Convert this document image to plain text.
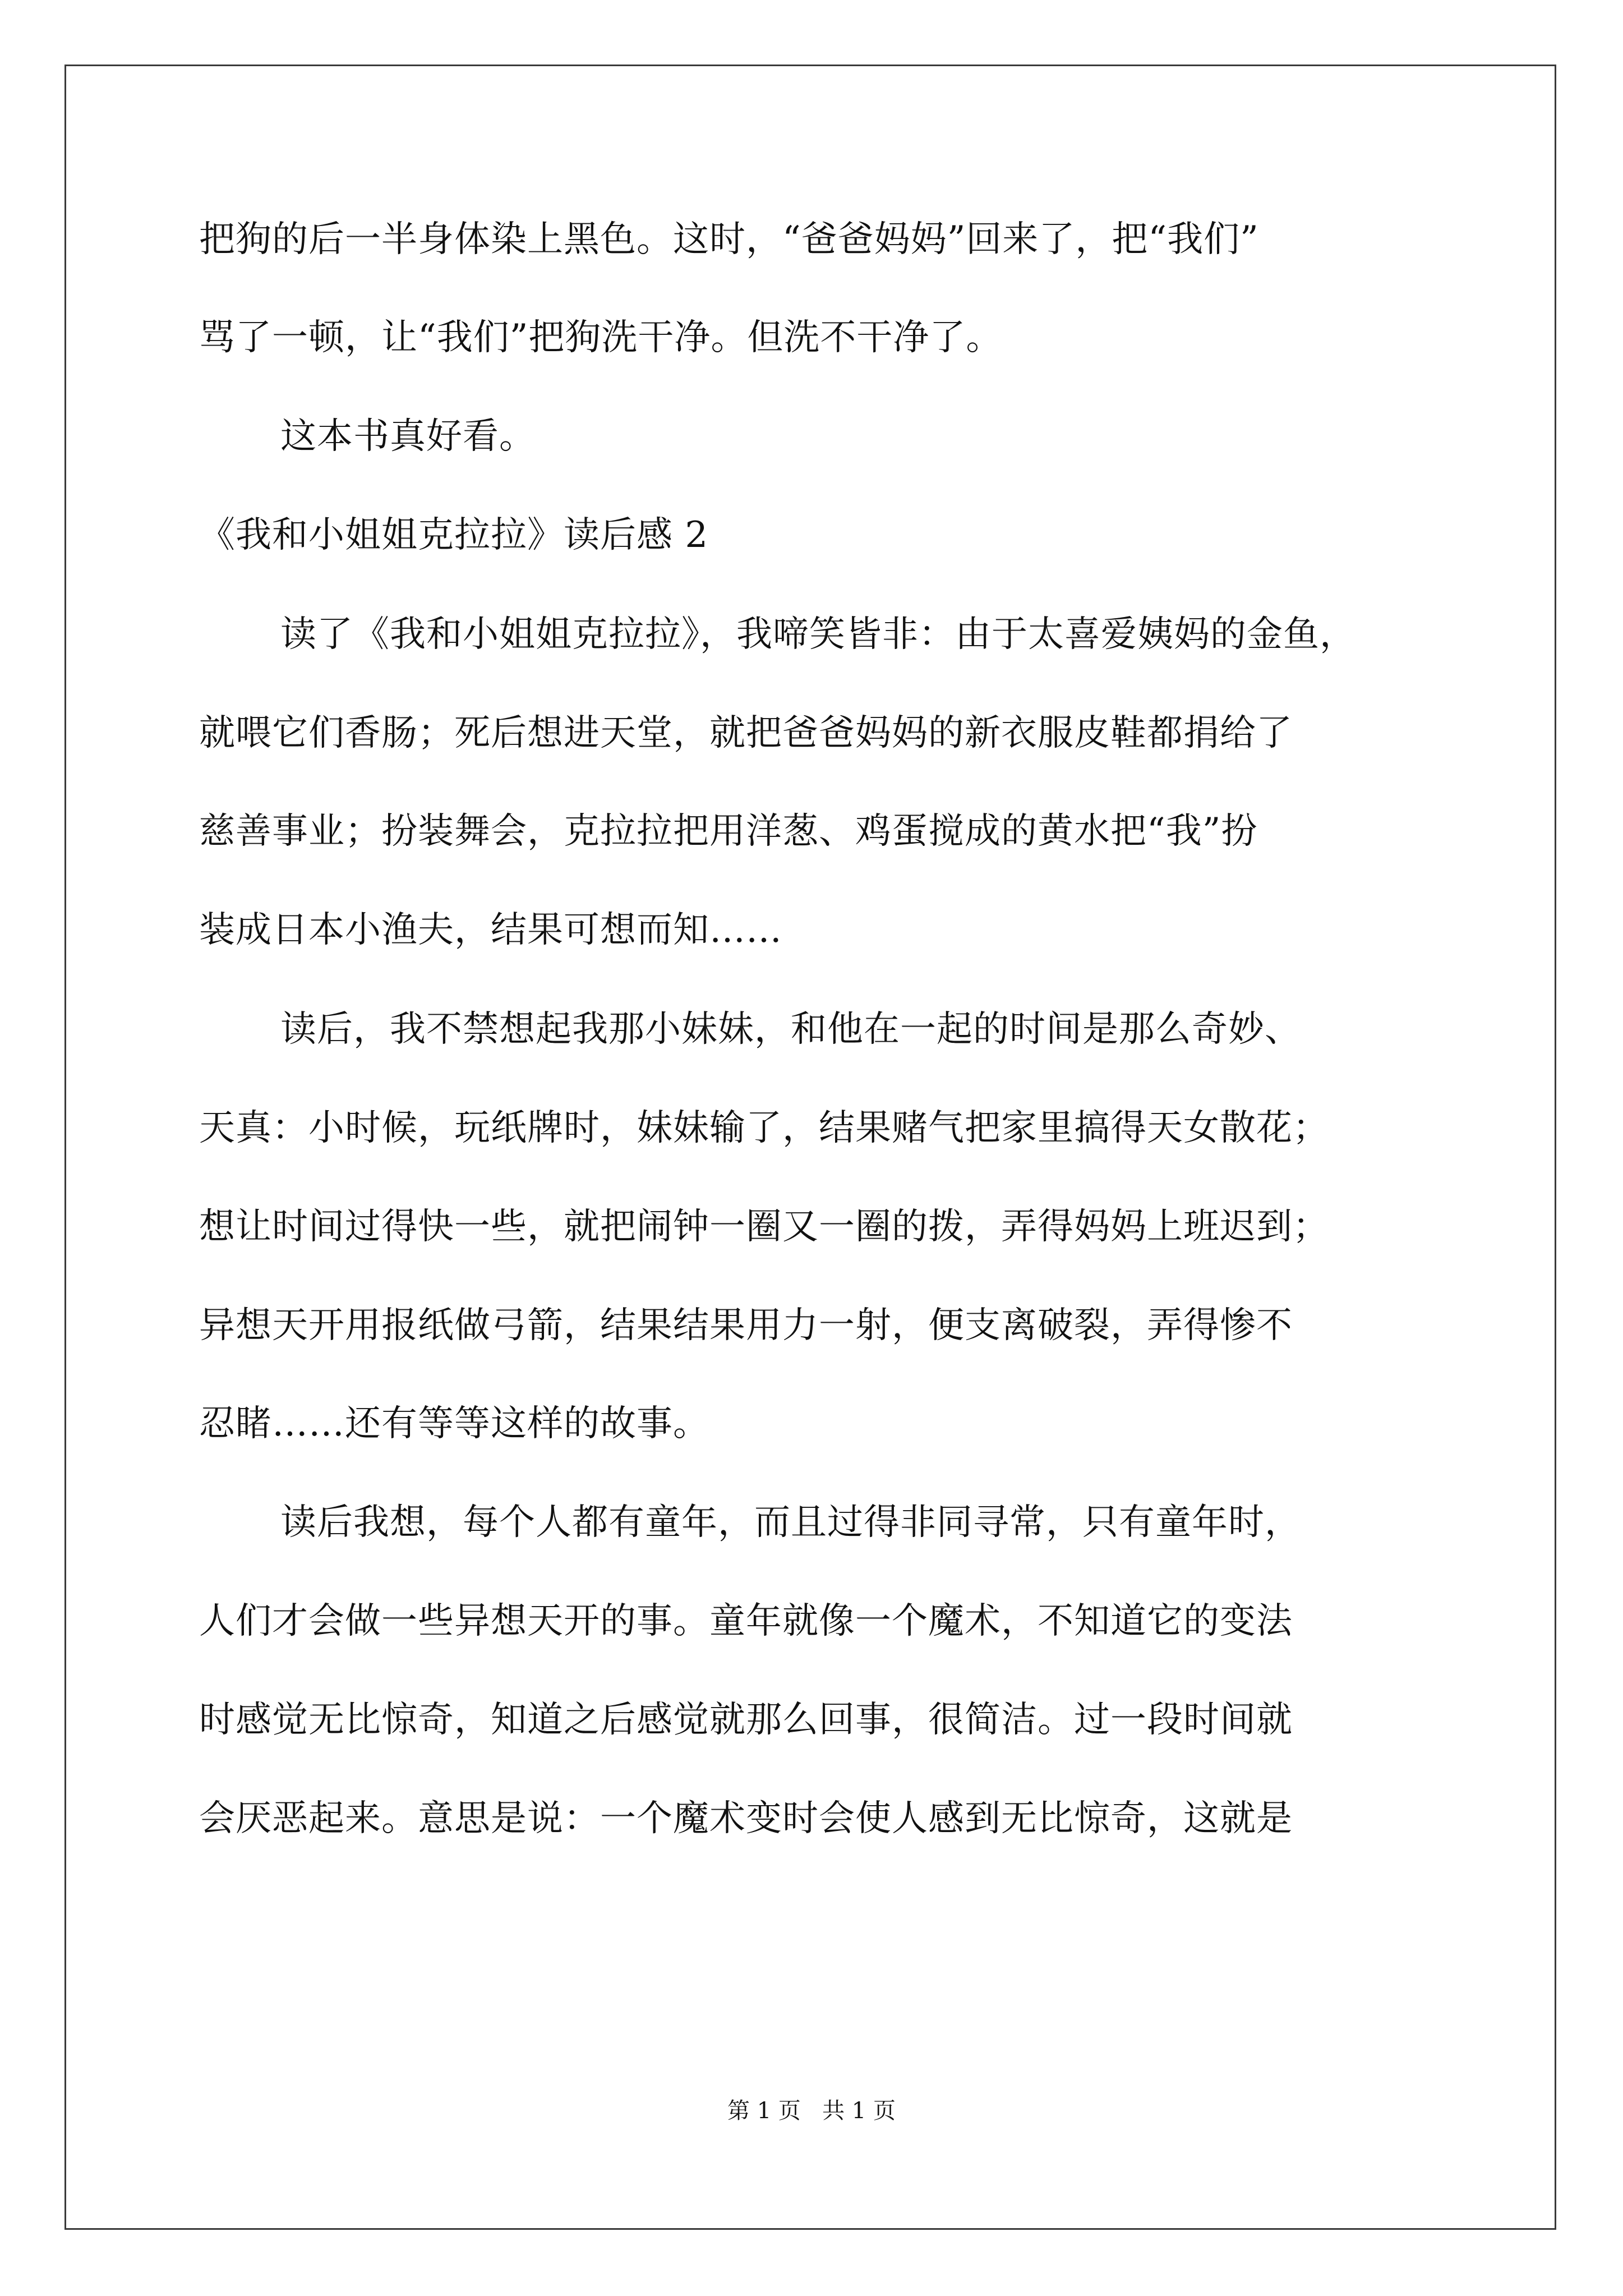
把狗的后一半身体染上黑色。这时，“爸爸妈妈”回来了，把“我们”
骂了一顿，让“我们”把狗洗干净。但洗不干净了。
这本书真好看。
《我和小姐姐克拉拉》读后感 2
读了《我和小姐姐克拉拉》，我啼笑皆非：由于太喜爱姨妈的金鱼，
就喂它们香肠；死后想进天堂，就把爸爸妈妈的新衣服皮鞋都捐给了
慈善事业；扮装舞会，克拉拉把用洋葱、鸡蛋搅成的黄水把“我”扮
装成日本小渔夫，结果可想而知……
读后，我不禁想起我那小妹妹，和他在一起的时间是那么奇妙、
天真：小时候，玩纸牌时，妹妹输了，结果赌气把家里搞得天女散花；
想让时间过得快一些，就把闹钟一圈又一圈的拨，弄得妈妈上班迟到；
异想天开用报纸做弓箭，结果结果用力一射，便支离破裂，弄得惨不
忍睹……还有等等这样的故事。
读后我想，每个人都有童年，而且过得非同寻常，只有童年时，
人们才会做一些异想天开的事。童年就像一个魔术，不知道它的变法
时感觉无比惊奇，知道之后感觉就那么回事，很简洁。过一段时间就
会厌恶起来。意思是说：一个魔术变时会使人感到无比惊奇，这就是
第 1 页   共 1 页
